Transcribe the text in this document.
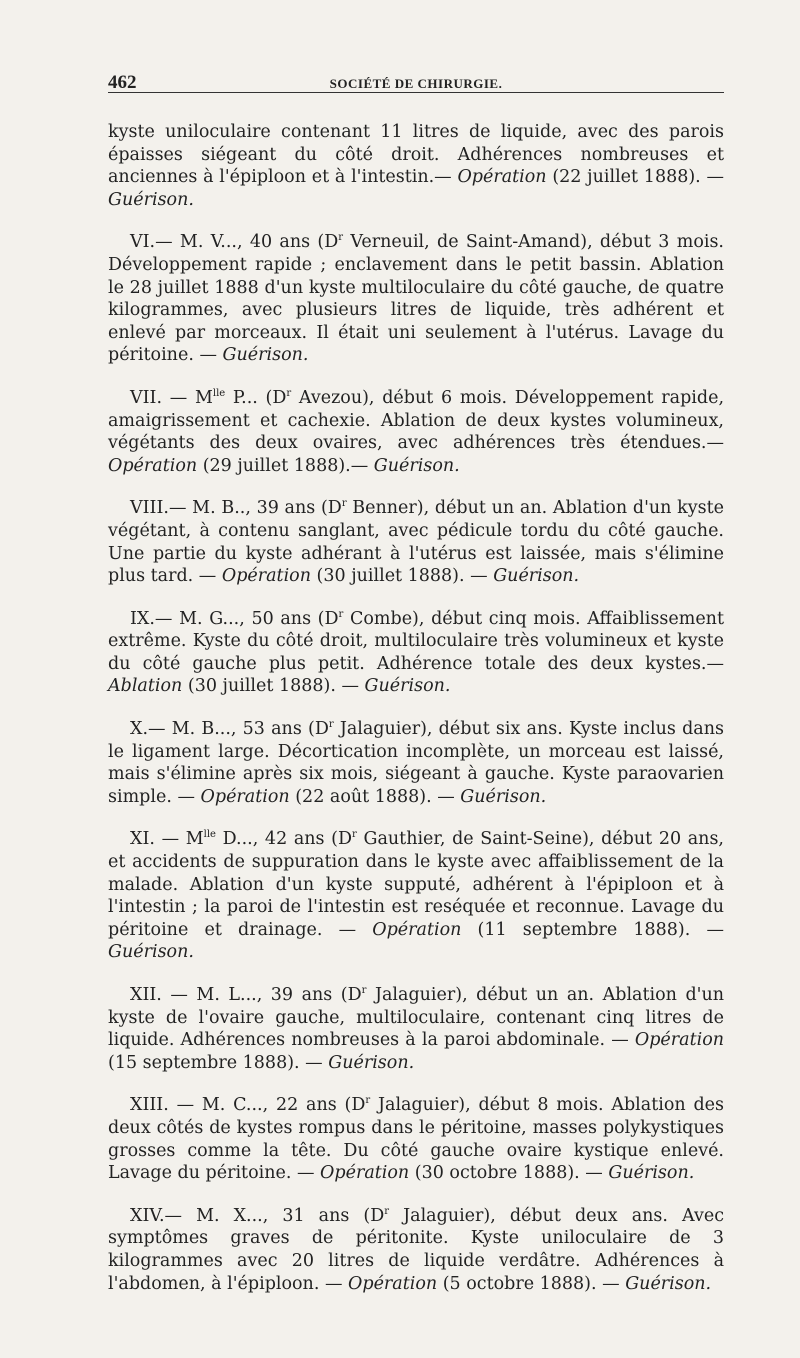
462	SOCIÉTÉ DE CHIRURGIE.

kyste uniloculaire contenant 11 litres de liquide, avec des parois épaisses siégeant du côté droit. Adhérences nombreuses et anciennes à l'épiploon et à l'intestin.— Opération (22 juillet 1888). — Guérison.

VI.— M. V..., 40 ans ($D^r$ Verneuil, de Saint-Amand), début 3 mois. Développement rapide ; enclavement dans le petit bassin. Ablation le 28 juillet 1888 d'un kyste multiloculaire du côté gauche, de quatre kilogrammes, avec plusieurs litres de liquide, très adhérent et enlevé par morceaux. Il était uni seulement à l'utérus. Lavage du péritoine. — Guérison.

VII. — $M^{lle}$ P... ($D^r$ Avezou), début 6 mois. Développement rapide, amaigrissement et cachexie. Ablation de deux kystes volumineux, végétants des deux ovaires, avec adhérences très étendues.— Opération (29 juillet 1888).— Guérison.

VIII.— M. B.., 39 ans ($D^r$ Benner), début un an. Ablation d'un kyste végétant, à contenu sanglant, avec pédicule tordu du côté gauche. Une partie du kyste adhérant à l'utérus est laissée, mais s'élimine plus tard. — Opération (30 juillet 1888). — Guérison.

IX.— M. G..., 50 ans ($D^r$ Combe), début cinq mois. Affaiblissement extrême. Kyste du côté droit, multiloculaire très volumineux et kyste du côté gauche plus petit. Adhérence totale des deux kystes.— Ablation (30 juillet 1888). — Guérison.

X.— M. B..., 53 ans ($D^r$ Jalaguier), début six ans. Kyste inclus dans le ligament large. Décortication incomplète, un morceau est laissé, mais s'élimine après six mois, siégeant à gauche. Kyste paraovarien simple. — Opération (22 août 1888). — Guérison.

XI. — $M^{lle}$ D..., 42 ans ($D^r$ Gauthier, de Saint-Seine), début 20 ans, et accidents de suppuration dans le kyste avec affaiblissement de la malade. Ablation d'un kyste supputé, adhérent à l'épiploon et à l'intestin ; la paroi de l'intestin est reséquée et reconnue. Lavage du péritoine et drainage. — Opération (11 septembre 1888). — Guérison.

XII. — M. L..., 39 ans ($D^r$ Jalaguier), début un an. Ablation d'un kyste de l'ovaire gauche, multiloculaire, contenant cinq litres de liquide. Adhérences nombreuses à la paroi abdominale. — Opération (15 septembre 1888). — Guérison.

XIII. — M. C..., 22 ans ($D^r$ Jalaguier), début 8 mois. Ablation des deux côtés de kystes rompus dans le péritoine, masses polykystiques grosses comme la tête. Du côté gauche ovaire kystique enlevé. Lavage du péritoine. — Opération (30 octobre 1888). — Guérison.

XIV.— M. X..., 31 ans ($D^r$ Jalaguier), début deux ans. Avec symptômes graves de péritonite. Kyste uniloculaire de 3 kilogrammes avec 20 litres de liquide verdâtre. Adhérences à l'abdomen, à l'épiploon. — Opération (5 octobre 1888). — Guérison.
